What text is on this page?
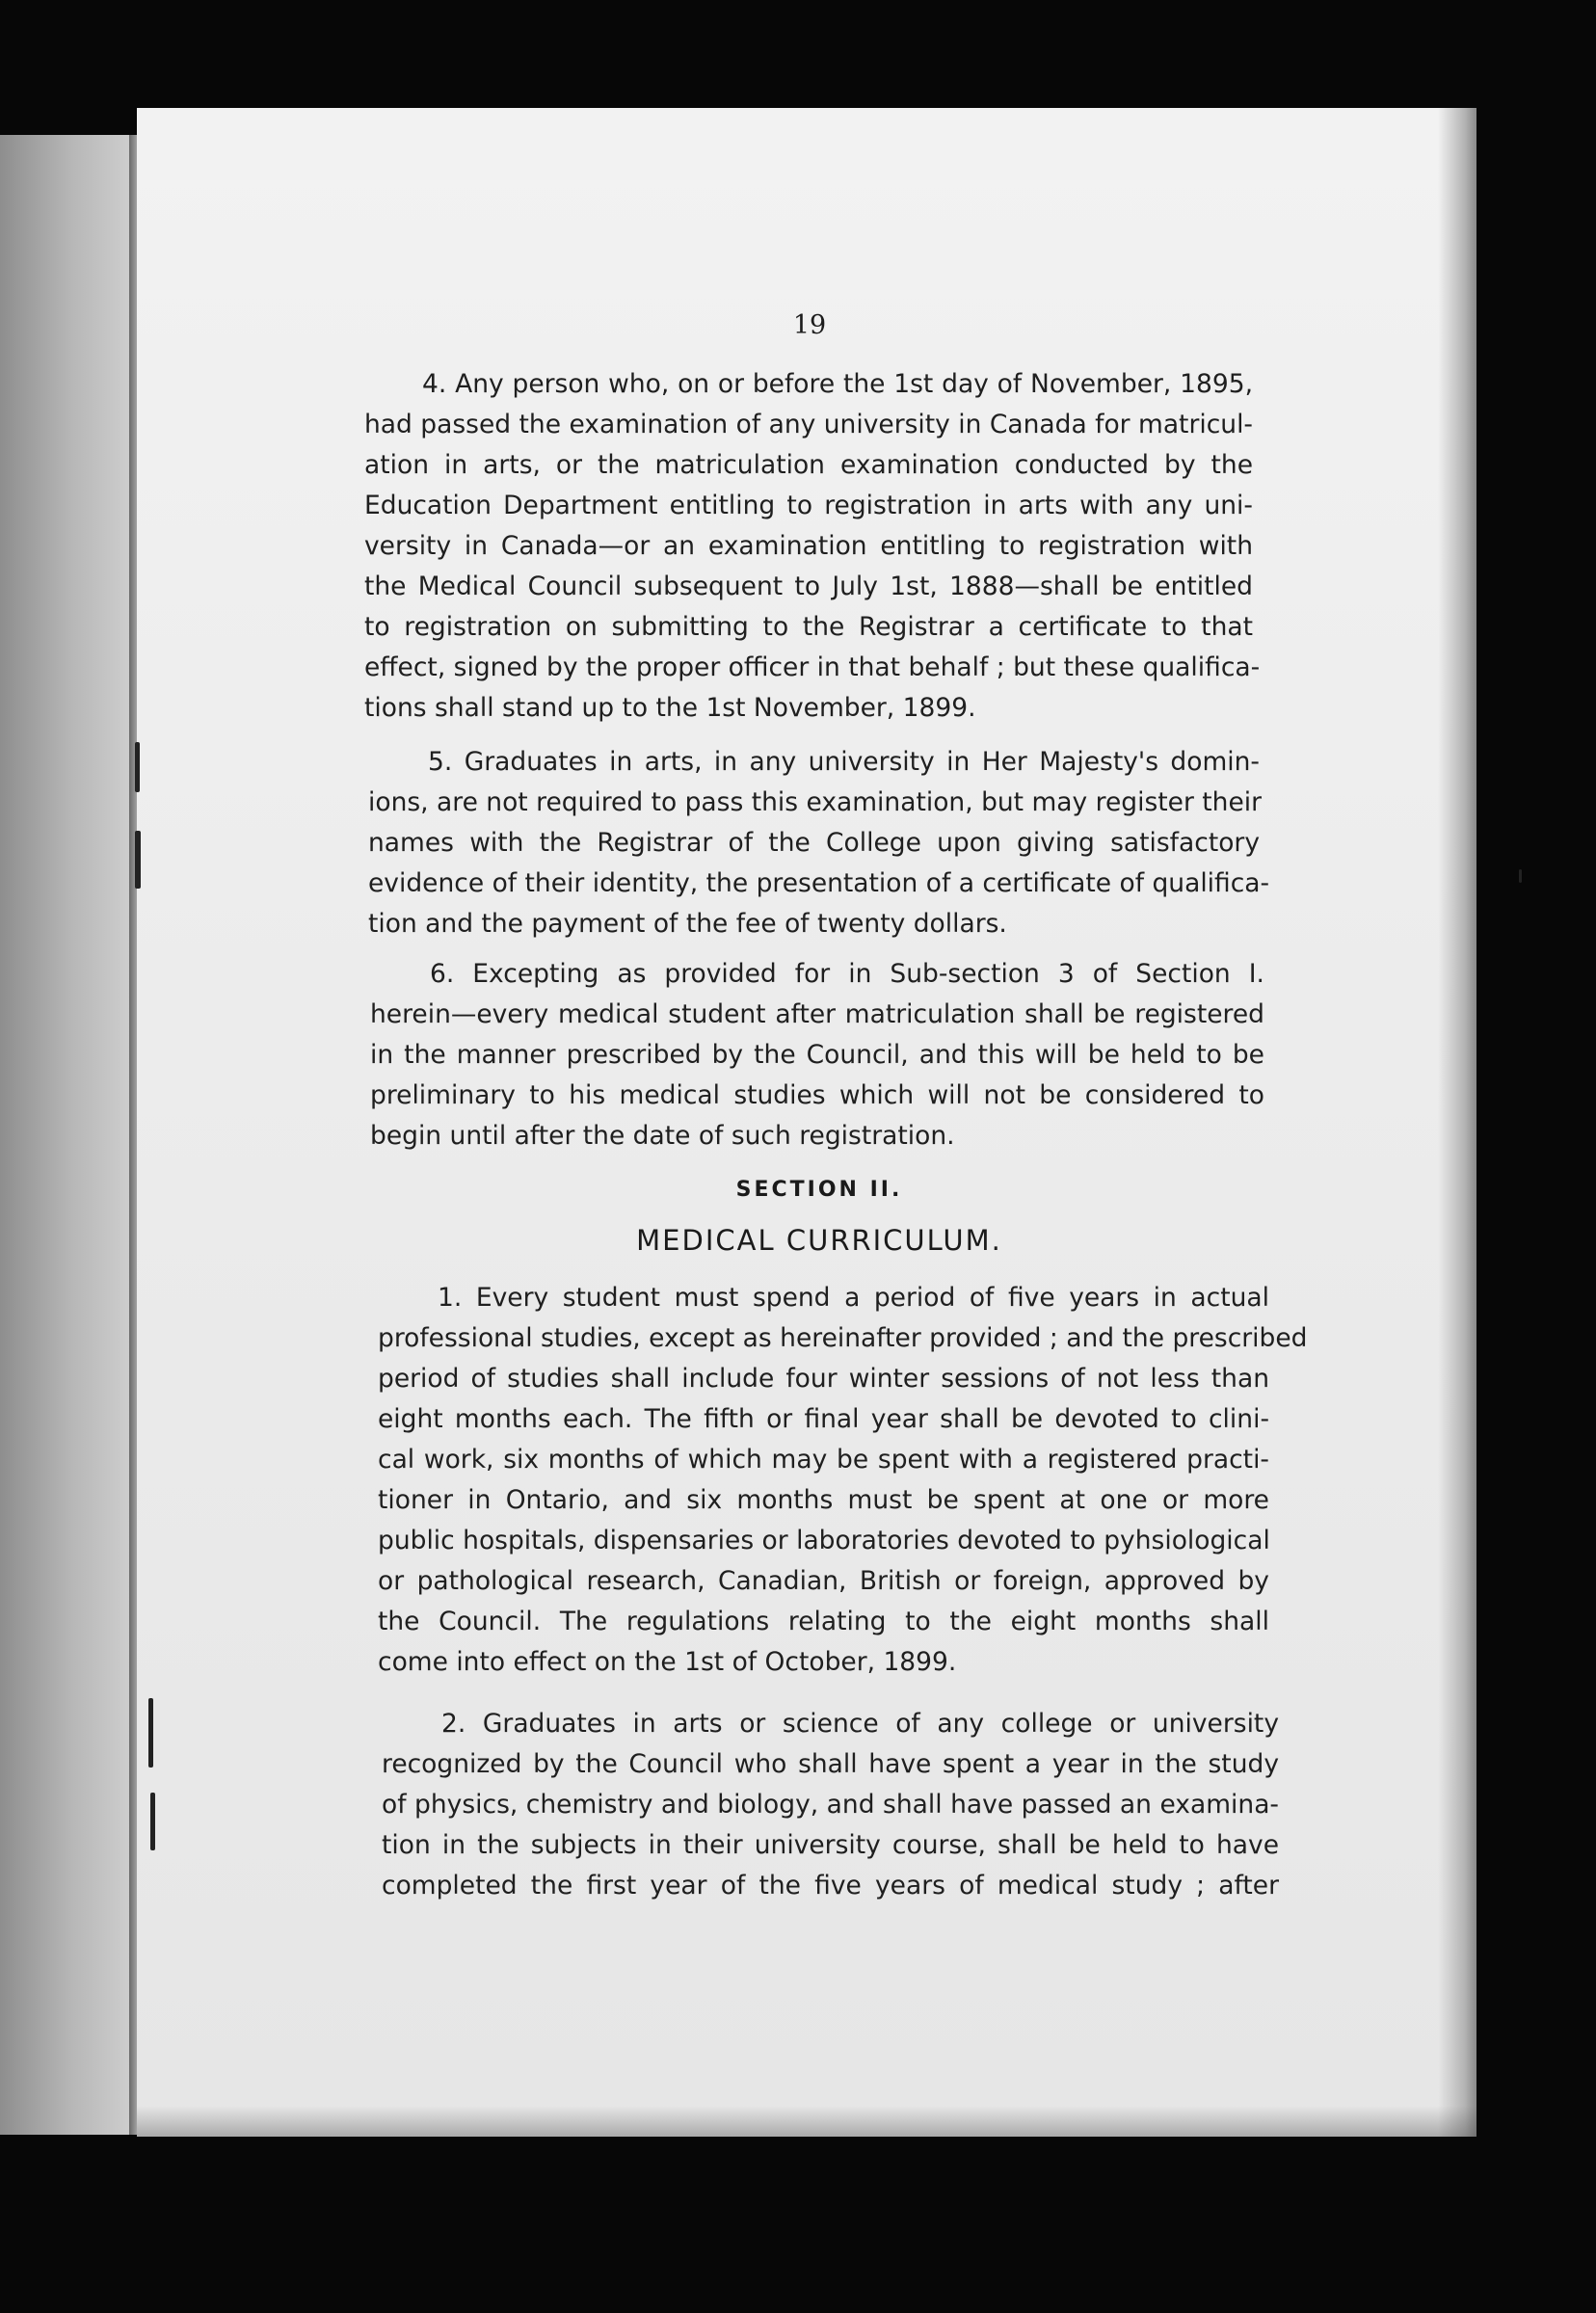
19
4. Any person who, on or before the 1st day of November, 1895,
had passed the examination of any university in Canada for matricul-
ation in arts, or the matriculation examination conducted by the
Education Department entitling to registration in arts with any uni-
versity in Canada—or an examination entitling to registration with
the Medical Council subsequent to July 1st, 1888—shall be entitled
to registration on submitting to the Registrar a certificate to that
effect, signed by the proper officer in that behalf ; but these qualifica-
tions shall stand up to the 1st November, 1899.
5. Graduates in arts, in any university in Her Majesty's domin-
ions, are not required to pass this examination, but may register their
names with the Registrar of the College upon giving satisfactory
evidence of their identity, the presentation of a certificate of qualifica-
tion and the payment of the fee of twenty dollars.
6. Excepting as provided for in Sub-section 3 of Section I.
herein—every medical student after matriculation shall be registered
in the manner prescribed by the Council, and this will be held to be
preliminary to his medical studies which will not be considered to
begin until after the date of such registration.
SECTION II.
MEDICAL CURRICULUM.
1. Every student must spend a period of five years in actual
professional studies, except as hereinafter provided ; and the prescribed
period of studies shall include four winter sessions of not less than
eight months each. The fifth or final year shall be devoted to clini-
cal work, six months of which may be spent with a registered practi-
tioner in Ontario, and six months must be spent at one or more
public hospitals, dispensaries or laboratories devoted to pyhsiological
or pathological research, Canadian, British or foreign, approved by
the Council. The regulations relating to the eight months shall
come into effect on the 1st of October, 1899.
2. Graduates in arts or science of any college or university
recognized by the Council who shall have spent a year in the study
of physics, chemistry and biology, and shall have passed an examina-
tion in the subjects in their university course, shall be held to have
completed the first year of the five years of medical study ; after
